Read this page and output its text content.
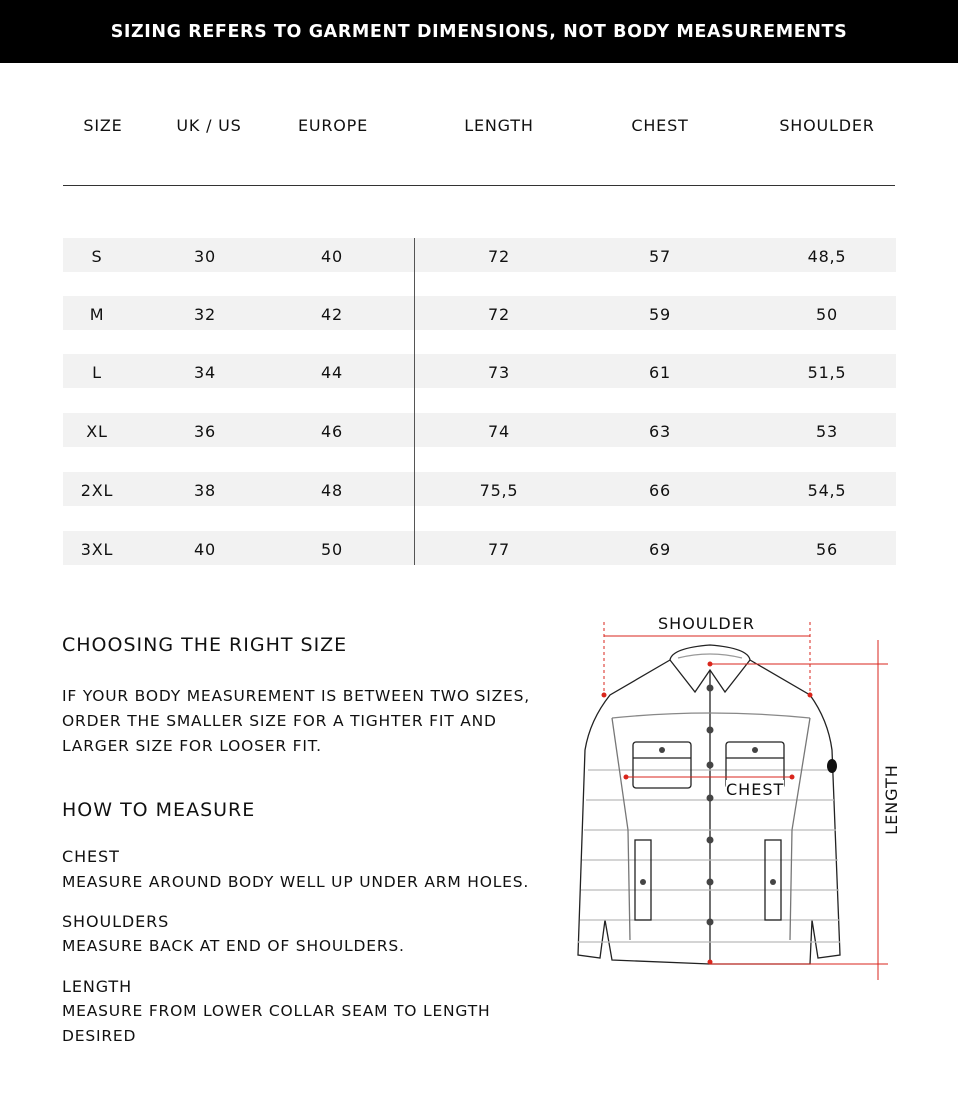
SIZING REFERS TO GARMENT DIMENSIONS, NOT BODY MEASUREMENTS
SIZE	UK / US	EUROPE	LENGTH	CHEST	SHOULDER
S	30	40	72	57	48,5
M	32	42	72	59	50
L	34	44	73	61	51,5
XL	36	46	74	63	53
2XL	38	48	75,5	66	54,5
3XL	40	50	77	69	56
CHOOSING THE RIGHT SIZE
IF YOUR BODY MEASUREMENT IS BETWEEN TWO SIZES,
ORDER THE SMALLER SIZE FOR A TIGHTER FIT AND
LARGER SIZE FOR LOOSER FIT.
HOW TO MEASURE
CHEST
MEASURE AROUND BODY WELL UP UNDER ARM HOLES.
SHOULDERS
MEASURE BACK AT END OF SHOULDERS.
LENGTH
MEASURE FROM LOWER COLLAR SEAM TO LENGTH
DESIRED
SHOULDER
CHEST	LENGTH
